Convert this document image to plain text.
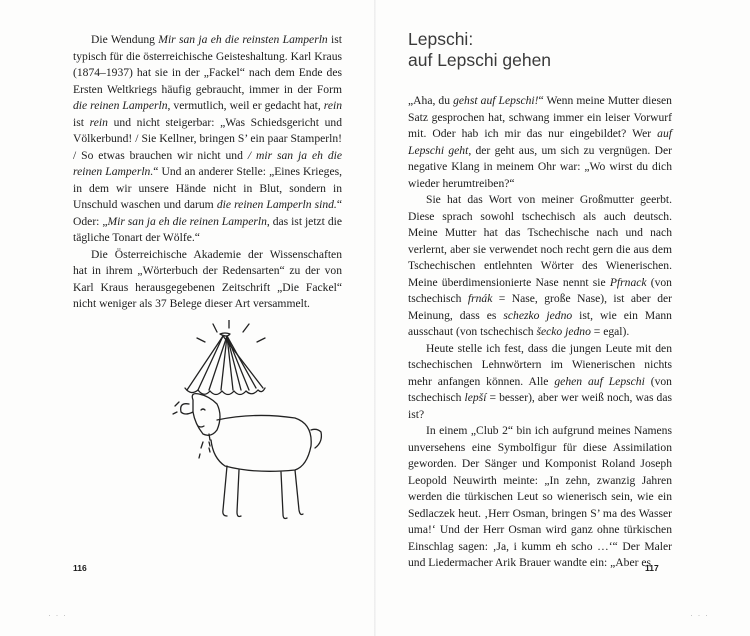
Die Wendung Mir san ja eh die reinsten Lamperln ist typisch für die österreichische Geisteshaltung. Karl Kraus (1874–1937) hat sie in der „Fackel“ nach dem Ende des Ersten Weltkriegs häufig gebraucht, immer in der Form die reinen Lamperln, vermutlich, weil er gedacht hat, rein ist rein und nicht steigerbar: „Was Schiedsgericht und Völkerbund! / Sie Kellner, bringen S’ ein paar Stamperln! / So etwas brauchen wir nicht und / mir san ja eh die reinen Lamperln.“ Und an anderer Stelle: „Eines Krieges, in dem wir unsere Hände nicht in Blut, sondern in Unschuld waschen und darum die reinen Lamperln sind.“ Oder: „Mir san ja eh die reinen Lamperln, das ist jetzt die tägliche Tonart der Wölfe.“

Die Österreichische Akademie der Wissenschaften hat in ihrem „Wörterbuch der Redensarten“ zu der von Karl Kraus herausgegebenen Zeitschrift „Die Fackel“ nicht weniger als 37 Belege dieser Art versammelt.

116
· · ·
Lepschi:
auf Lepschi gehen

„Aha, du gehst auf Lepschi!“ Wenn meine Mutter diesen Satz gesprochen hat, schwang immer ein leiser Vorwurf mit. Oder hab ich mir das nur eingebildet? Wer auf Lepschi geht, der geht aus, um sich zu vergnügen. Der negative Klang in meinem Ohr war: „Wo wirst du dich wieder herumtreiben?“

Sie hat das Wort von meiner Großmutter geerbt. Diese sprach sowohl tschechisch als auch deutsch. Meine Mutter hat das Tschechische nach und nach verlernt, aber sie verwendet noch recht gern die aus dem Tschechischen entlehnten Wörter des Wienerischen. Meine überdimensionierte Nase nennt sie Pfrnack (von tschechisch frnák = Nase, große Nase), ist aber der Meinung, dass es schezko jedno ist, wie ein Mann ausschaut (von tschechisch šecko jedno = egal).

Heute stelle ich fest, dass die jungen Leute mit den tschechischen Lehnwörtern im Wienerischen nichts mehr anfangen können. Alle gehen auf Lepschi (von tschechisch lepší = besser), aber wer weiß noch, was das ist?

In einem „Club 2“ bin ich aufgrund meines Namens unversehens eine Symbolfigur für diese Assimilation geworden. Der Sänger und Komponist Roland Joseph Leopold Neuwirth meinte: „In zehn, zwanzig Jahren werden die türkischen Leut so wienerisch sein, wie ein Sedlaczek heut. ‚Herr Osman, bringen S’ ma des Wasser uma!‘ Und der Herr Osman wird ganz ohne türkischen Einschlag sagen: ‚Ja, i kumm eh scho …‘“ Der Maler und Liedermacher Arik Brauer wandte ein: „Aber es

117
· · ·
